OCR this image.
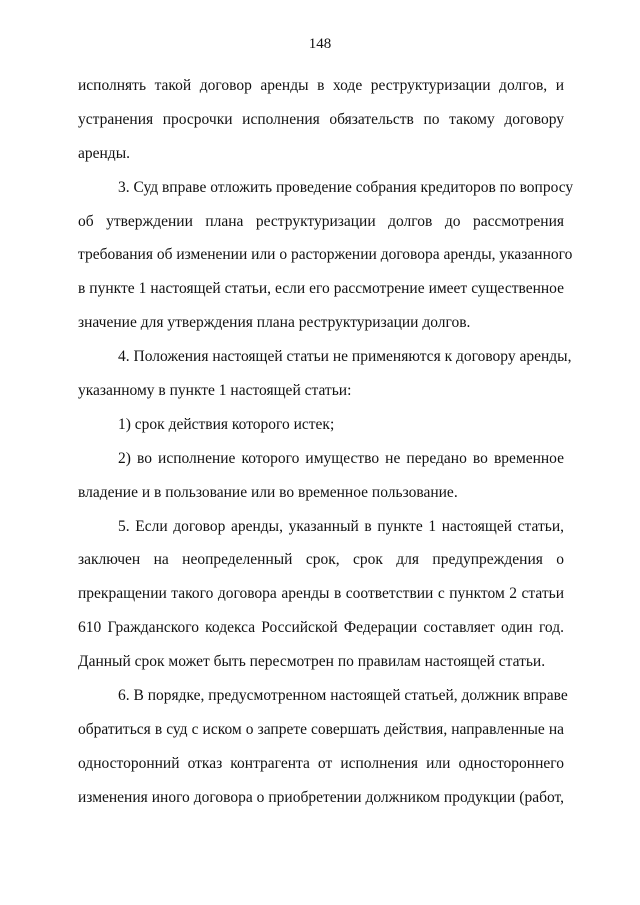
148
исполнять такой договор аренды в ходе реструктуризации долгов, и
устранения просрочки исполнения обязательств по такому договору
аренды.
3. Суд вправе отложить проведение собрания кредиторов по вопросу
об утверждении плана реструктуризации долгов до рассмотрения
требования об изменении или о расторжении договора аренды, указанного
в пункте 1 настоящей статьи, если его рассмотрение имеет существенное
значение для утверждения плана реструктуризации долгов.
4. Положения настоящей статьи не применяются к договору аренды,
указанному в пункте 1 настоящей статьи:
1) срок действия которого истек;
2) во исполнение которого имущество не передано во временное
владение и в пользование или во временное пользование.
5. Если договор аренды, указанный в пункте 1 настоящей статьи,
заключен на неопределенный срок, срок для предупреждения о
прекращении такого договора аренды в соответствии с пунктом 2 статьи
610 Гражданского кодекса Российской Федерации составляет один год.
Данный срок может быть пересмотрен по правилам настоящей статьи.
6. В порядке, предусмотренном настоящей статьей, должник вправе
обратиться в суд с иском о запрете совершать действия, направленные на
односторонний отказ контрагента от исполнения или одностороннего
изменения иного договора о приобретении должником продукции (работ,
